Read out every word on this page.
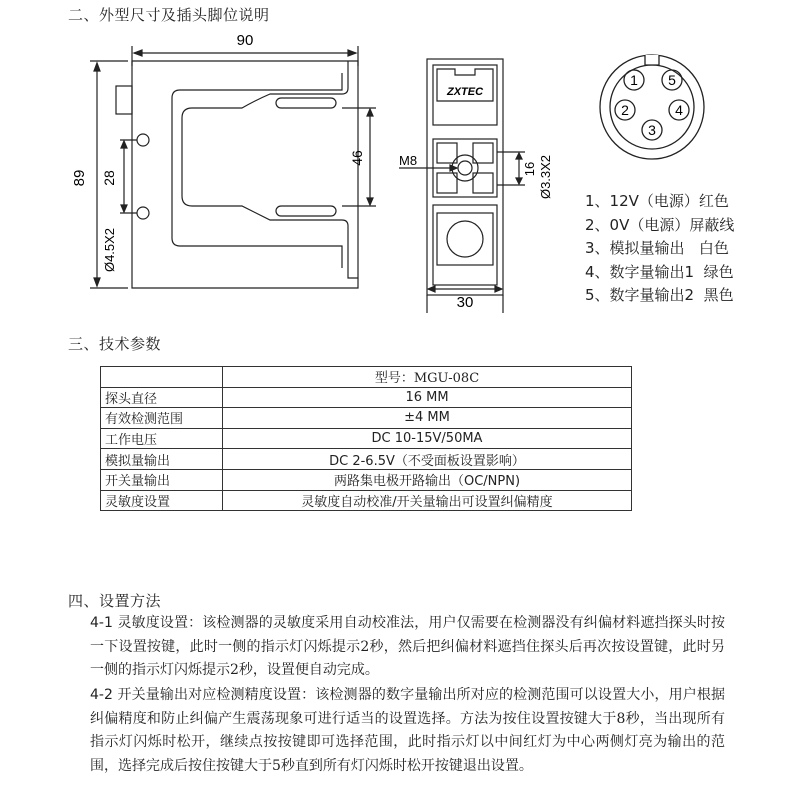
二、外型尺寸及插头脚位说明
90
89 28
Ø4.5X2
46
ZXTEC
M8
16 Ø3.3X2
30
1 5
2	4
3
1、12V（电源）红色
2、0V（电源）屏蔽线
3、模拟量输出   白色
4、数字量输出1  绿色
5、数字量输出2  黑色
三、技术参数
	型号：MGU-08C
探头直径	16 MM
有效检测范围	±4 MM
工作电压	DC 10-15V/50MA
模拟量输出	DC 2-6.5V（不受面板设置影响）
开关量输出	两路集电极开路输出（OC/NPN)
灵敏度设置	灵敏度自动校准/开关量输出可设置纠偏精度
四、设置方法
4-1 灵敏度设置：该检测器的灵敏度采用自动校准法，用户仅需要在检测器没有纠偏材料遮挡探头时按一下设置按键，此时一侧的指示灯闪烁提示2秒，然后把纠偏材料遮挡住探头后再次按设置键，此时另一侧的指示灯闪烁提示2秒，设置便自动完成。
4-2 开关量输出对应检测精度设置：该检测器的数字量输出所对应的检测范围可以设置大小，用户根据纠偏精度和防止纠偏产生震荡现象可进行适当的设置选择。方法为按住设置按键大于8秒，当出现所有指示灯闪烁时松开，继续点按按键即可选择范围，此时指示灯以中间红灯为中心两侧灯亮为输出的范围，选择完成后按住按键大于5秒直到所有灯闪烁时松开按键退出设置。
